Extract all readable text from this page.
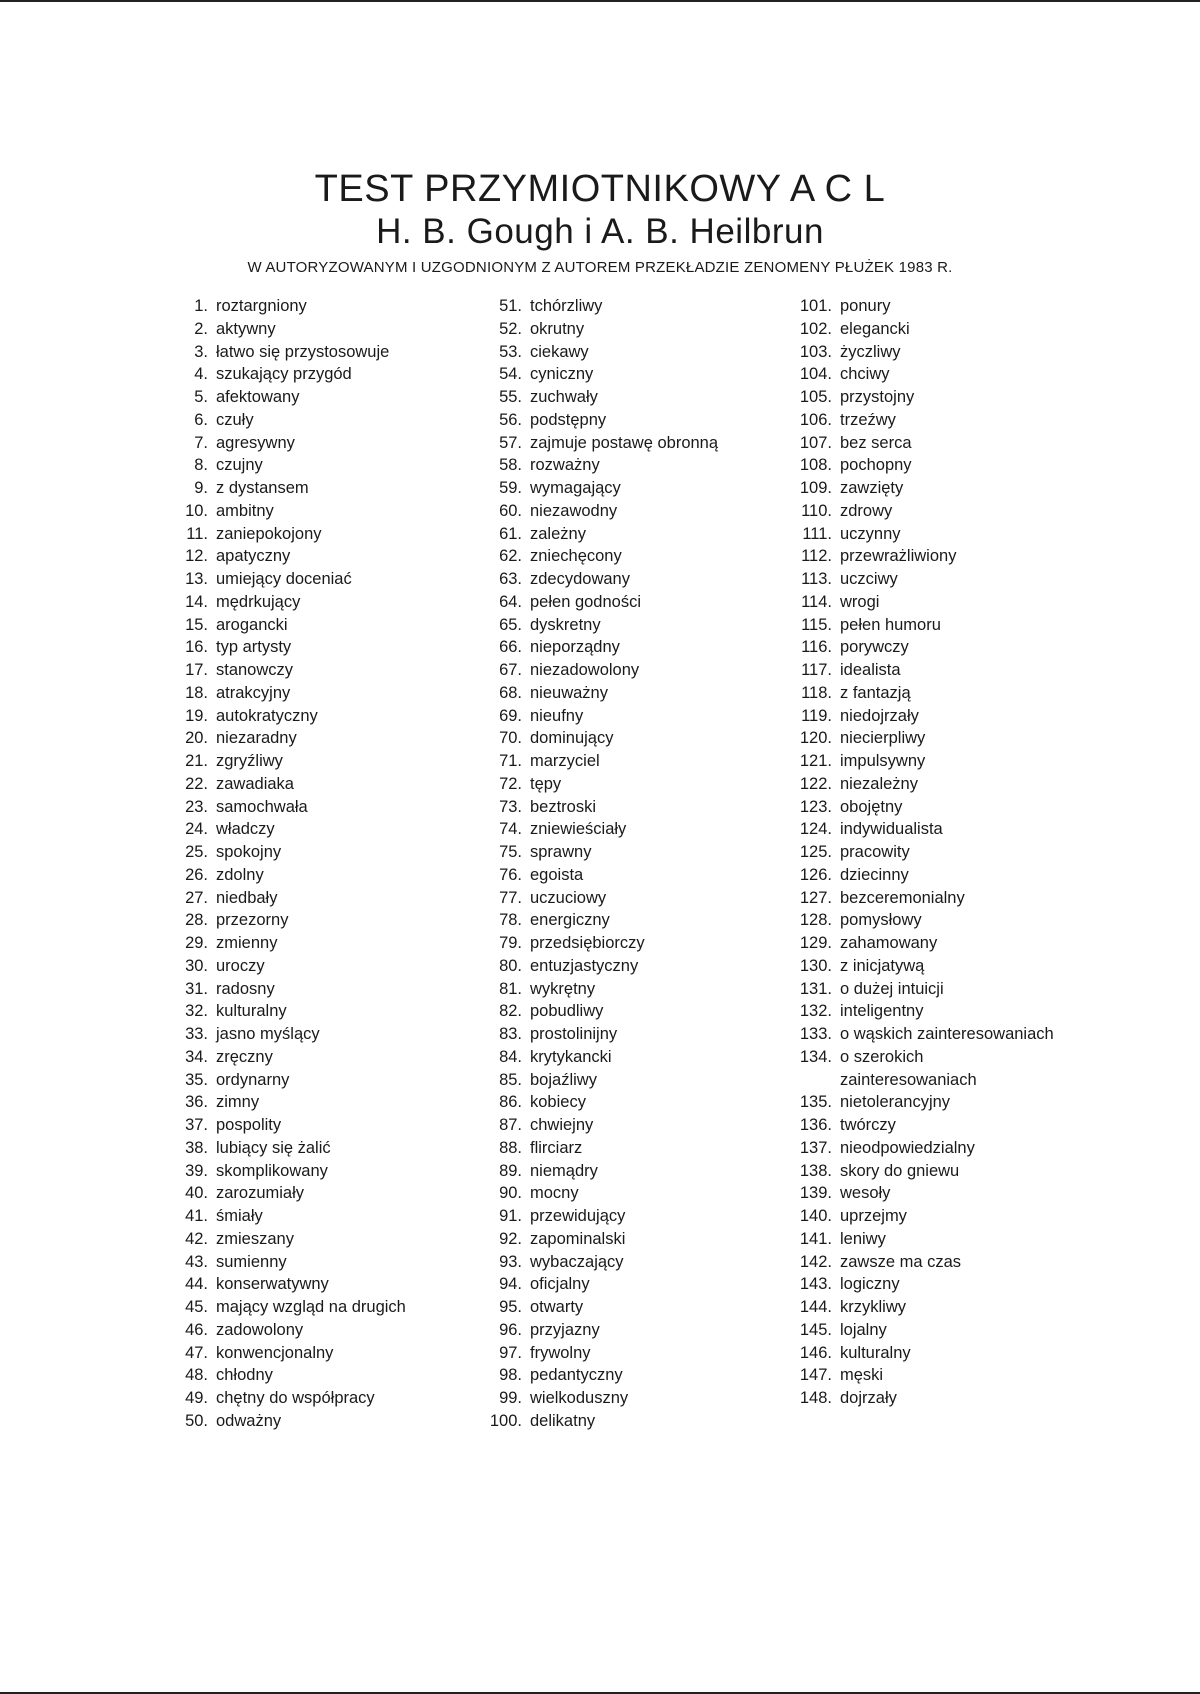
TEST PRZYMIOTNIKOWY A C L
H. B. Gough i A. B. Heilbrun
W AUTORYZOWANYM I UZGODNIONYM Z AUTOREM PRZEKŁADZIE ZENOMENY PŁUŻEK 1983 R.
1. roztargniony
2. aktywny
3. łatwo się przystosowuje
4. szukający przygód
5. afektowany
6. czuły
7. agresywny
8. czujny
9. z dystansem
10. ambitny
11. zaniepokojony
12. apatyczny
13. umiejący doceniać
14. mędrkujący
15. arogancki
16. typ artysty
17. stanowczy
18. atrakcyjny
19. autokratyczny
20. niezaradny
21. zgryźliwy
22. zawadiaka
23. samochwała
24. władczy
25. spokojny
26. zdolny
27. niedbały
28. przezorny
29. zmienny
30. uroczy
31. radosny
32. kulturalny
33. jasno myślący
34. zręczny
35. ordynarny
36. zimny
37. pospolity
38. lubiący się żalić
39. skomplikowany
40. zarozumiały
41. śmiały
42. zmieszany
43. sumienny
44. konserwatywny
45. mający wzgląd na drugich
46. zadowolony
47. konwencjonalny
48. chłodny
49. chętny do współpracy
50. odważny
51. tchórzliwy
52. okrutny
53. ciekawy
54. cyniczny
55. zuchwały
56. podstępny
57. zajmuje postawę obronną
58. rozważny
59. wymagający
60. niezawodny
61. zależny
62. zniechęcony
63. zdecydowany
64. pełen godności
65. dyskretny
66. nieporządny
67. niezadowolony
68. nieuważny
69. nieufny
70. dominujący
71. marzyciel
72. tępy
73. beztroski
74. zniewieściały
75. sprawny
76. egoista
77. uczuciowy
78. energiczny
79. przedsiębiorczy
80. entuzjastyczny
81. wykrętny
82. pobudliwy
83. prostolinijny
84. krytykancki
85. bojaźliwy
86. kobiecy
87. chwiejny
88. flirciarz
89. niemądry
90. mocny
91. przewidujący
92. zapominalski
93. wybaczający
94. oficjalny
95. otwarty
96. przyjazny
97. frywolny
98. pedantyczny
99. wielkoduszny
100. delikatny
101. ponury
102. elegancki
103. życzliwy
104. chciwy
105. przystojny
106. trzeźwy
107. bez serca
108. pochopny
109. zawzięty
110. zdrowy
111. uczynny
112. przewrażliwiony
113. uczciwy
114. wrogi
115. pełen humoru
116. porywczy
117. idealista
118. z fantazją
119. niedojrzały
120. niecierpliwy
121. impulsywny
122. niezależny
123. obojętny
124. indywidualista
125. pracowity
126. dziecinny
127. bezceremonialny
128. pomysłowy
129. zahamowany
130. z inicjatywą
131. o dużej intuicji
132. inteligentny
133. o wąskich zainteresowaniach
134. o szerokich zainteresowaniach
135. nietolerancyjny
136. twórczy
137. nieodpowiedzialny
138. skory do gniewu
139. wesoły
140. uprzejmy
141. leniwy
142. zawsze ma czas
143. logiczny
144. krzykliwy
145. lojalny
146. kulturalny
147. męski
148. dojrzały
